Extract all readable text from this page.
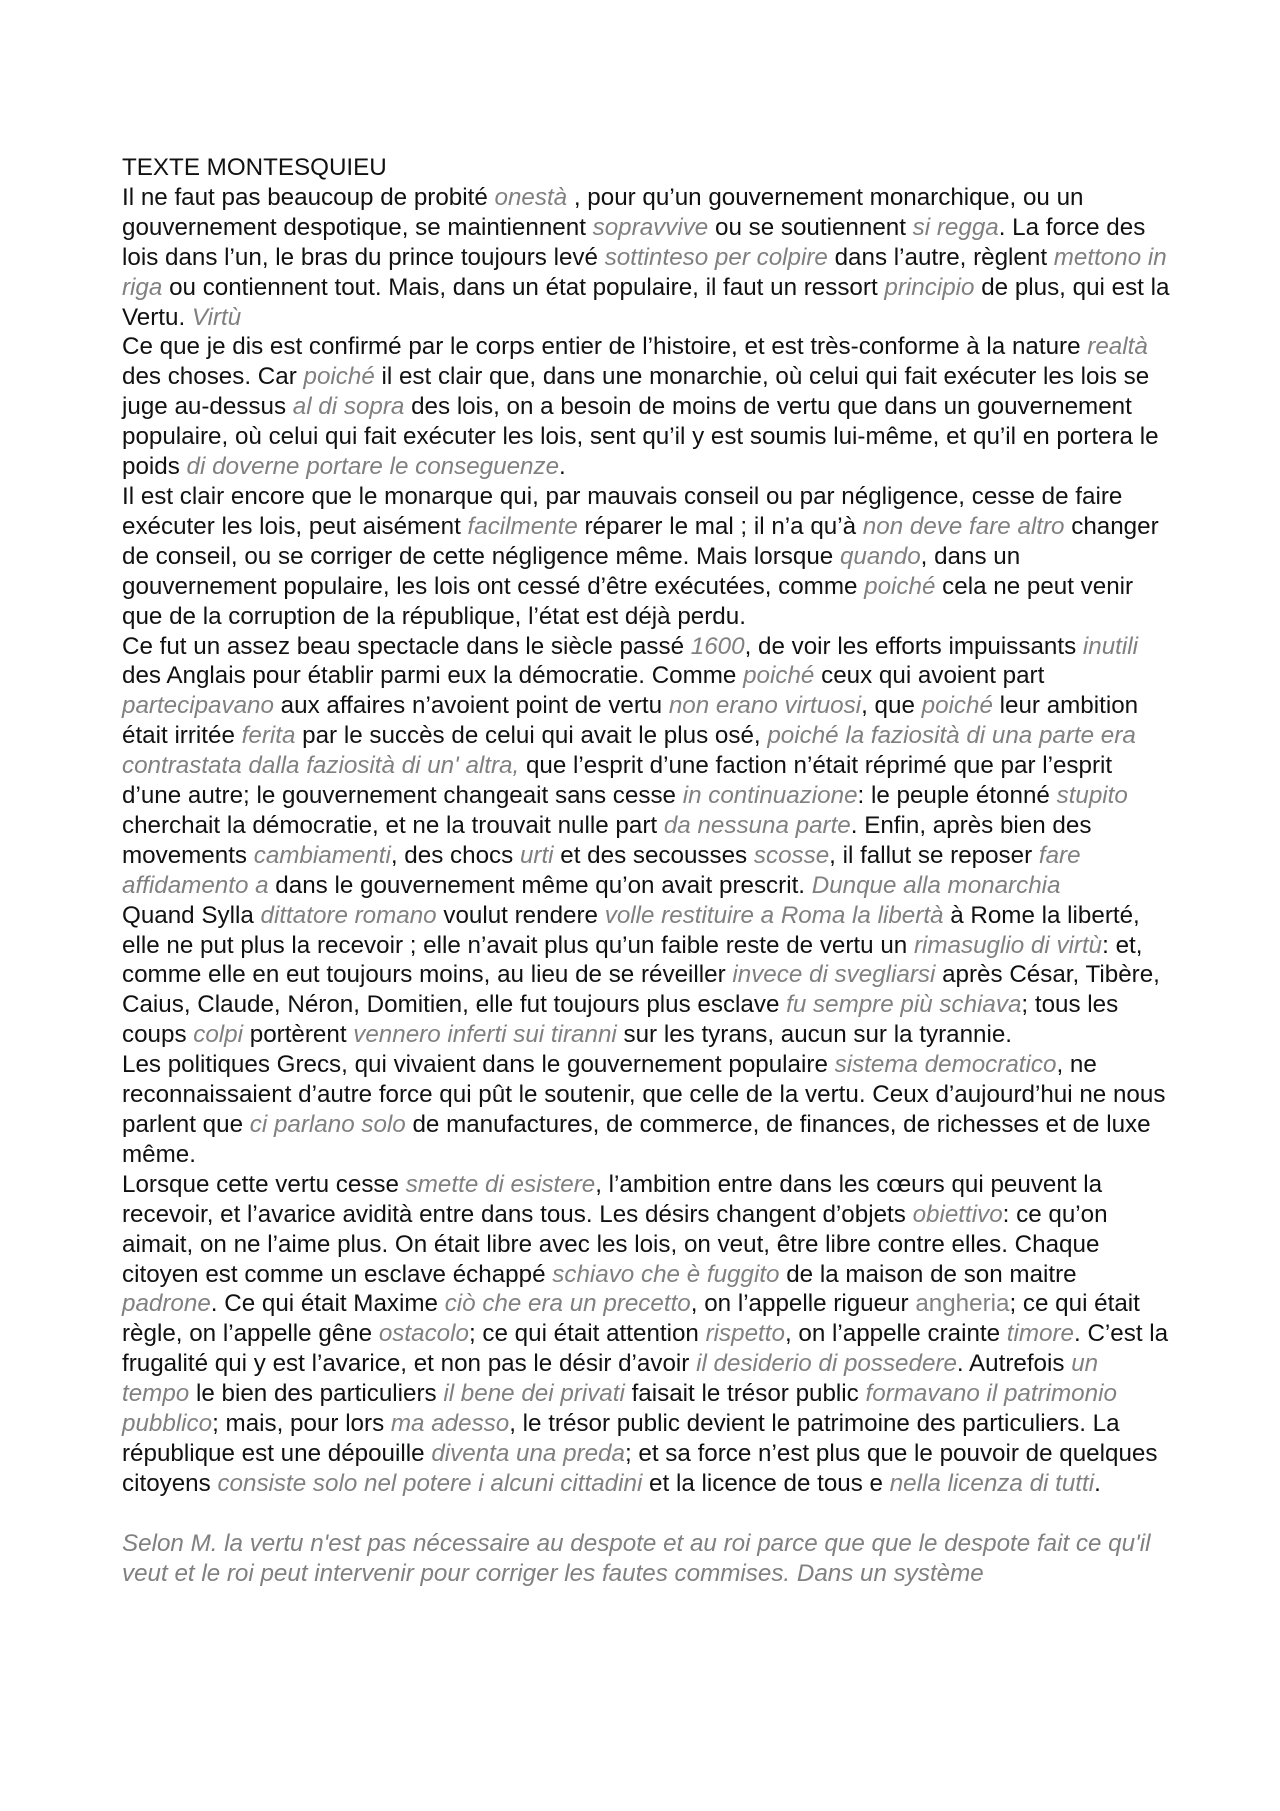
TEXTE MONTESQUIEU

Il ne faut pas beaucoup de probité onestà , pour qu’un gouvernement monarchique, ou un gouvernement despotique, se maintiennent sopravvive ou se soutiennent si regga. La force des lois dans l’un, le bras du prince toujours levé sottinteso per colpire dans l’autre, règlent mettono in riga ou contiennent tout. Mais, dans un état populaire, il faut un ressort principio de plus, qui est la Vertu. Virtù

Ce que je dis est confirmé par le corps entier de l’histoire, et est très-conforme à la nature realtà des choses. Car poiché il est clair que, dans une monarchie, où celui qui fait exécuter les lois se juge au-dessus al di sopra des lois, on a besoin de moins de vertu que dans un gouvernement populaire, où celui qui fait exécuter les lois, sent qu’il y est soumis lui-même, et qu’il en portera le poids di doverne portare le conseguenze.

Il est clair encore que le monarque qui, par mauvais conseil ou par négligence, cesse de faire exécuter les lois, peut aisément facilmente réparer le mal ; il n’a qu’à non deve fare altro changer de conseil, ou se corriger de cette négligence même. Mais lorsque quando, dans un gouvernement populaire, les lois ont cessé d’être exécutées, comme poiché cela ne peut venir que de la corruption de la république, l’état est déjà perdu.

Ce fut un assez beau spectacle dans le siècle passé 1600, de voir les efforts impuissants inutili des Anglais pour établir parmi eux la démocratie. Comme poiché ceux qui avoient part partecipavano aux affaires n’avoient point de vertu non erano virtuosi, que poiché leur ambition était irritée ferita par le succès de celui qui avait le plus osé, poiché la faziosità di una parte era contrastata dalla faziosità di un' altra, que l’esprit d’une faction n’était réprimé que par l’esprit d’une autre; le gouvernement changeait sans cesse in continuazione: le peuple étonné stupito cherchait la démocratie, et ne la trouvait nulle part da nessuna parte. Enfin, après bien des movements cambiamenti, des chocs urti et des secousses scosse, il fallut se reposer fare affidamento a dans le gouvernement même qu’on avait prescrit. Dunque alla monarchia

Quand Sylla dittatore romano voulut rendere volle restituire a Roma la libertà à Rome la liberté, elle ne put plus la recevoir ; elle n’avait plus qu’un faible reste de vertu un rimasuglio di virtù: et, comme elle en eut toujours moins, au lieu de se réveiller invece di svegliarsi après César, Tibère, Caius, Claude, Néron, Domitien, elle fut toujours plus esclave fu sempre più schiava; tous les coups colpi portèrent vennero inferti sui tiranni sur les tyrans, aucun sur la tyrannie.

Les politiques Grecs, qui vivaient dans le gouvernement populaire sistema democratico, ne reconnaissaient d’autre force qui pût le soutenir, que celle de la vertu. Ceux d’aujourd’hui ne nous parlent que ci parlano solo de manufactures, de commerce, de finances, de richesses et de luxe même.

Lorsque cette vertu cesse smette di esistere, l’ambition entre dans les cœurs qui peuvent la recevoir, et l’avarice avidità entre dans tous. Les désirs changent d’objets obiettivo: ce qu’on aimait, on ne l’aime plus. On était libre avec les lois, on veut, être libre contre elles. Chaque citoyen est comme un esclave échappé schiavo che è fuggito de la maison de son maitre padrone. Ce qui était Maxime ciò che era un precetto, on l’appelle rigueur angheria; ce qui était règle, on l’appelle gêne ostacolo; ce qui était attention rispetto, on l’appelle crainte timore. C’est la frugalité qui y est l’avarice, et non pas le désir d’avoir il desiderio di possedere. Autrefois un tempo le bien des particuliers il bene dei privati faisait le trésor public formavano il patrimonio pubblico; mais, pour lors ma adesso, le trésor public devient le patrimoine des particuliers. La république est une dépouille diventa una preda; et sa force n’est plus que le pouvoir de quelques citoyens consiste solo nel potere i alcuni cittadini et la licence de tous e nella licenza di tutti.

Selon M. la vertu n'est pas nécessaire au despote et au roi parce que que le despote fait ce qu'il veut et le roi peut intervenir pour corriger les fautes commises. Dans un système
